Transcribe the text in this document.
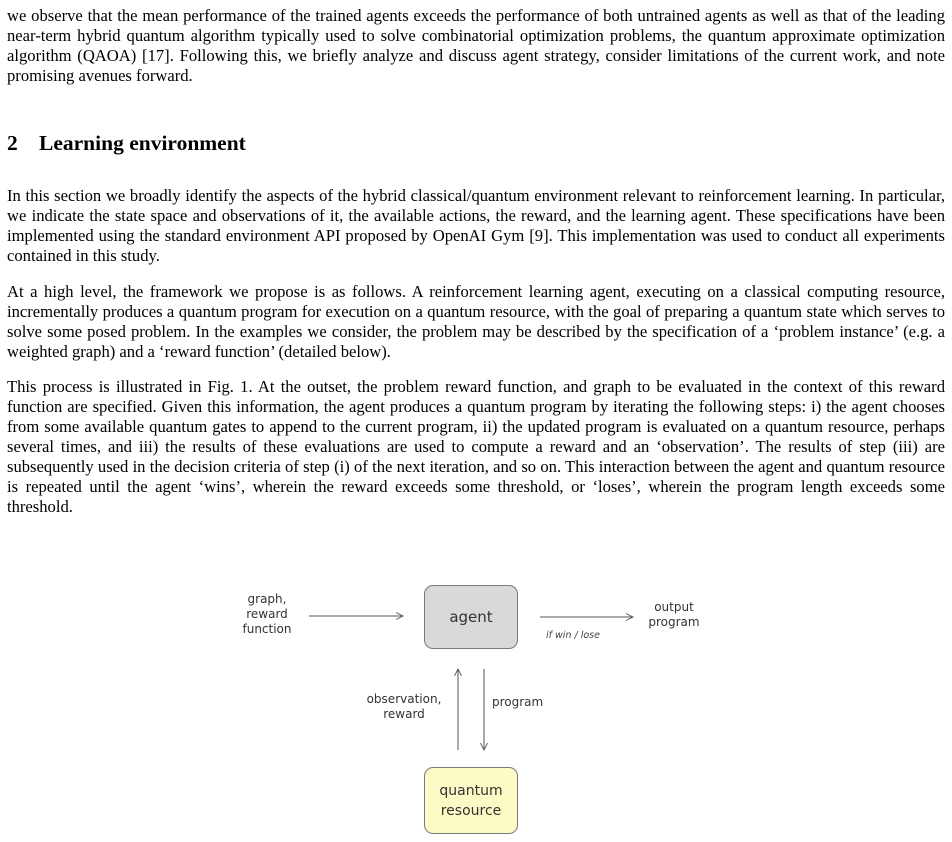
we observe that the mean performance of the trained agents exceeds the performance of both untrained agents as well as that of the leading near-term hybrid quantum algorithm typically used to solve combinatorial optimization problems, the quantum approximate optimization algorithm (QAOA) [17]. Following this, we briefly analyze and discuss agent strategy, consider limitations of the current work, and note promising avenues forward.

2 Learning environment

In this section we broadly identify the aspects of the hybrid classical/quantum environment relevant to reinforcement learning. In particular, we indicate the state space and observations of it, the available actions, the reward, and the learning agent. These specifications have been implemented using the standard environment API proposed by OpenAI Gym [9]. This implementation was used to conduct all experiments contained in this study.

At a high level, the framework we propose is as follows. A reinforcement learning agent, executing on a classical computing resource, incrementally produces a quantum program for execution on a quantum resource, with the goal of preparing a quantum state which serves to solve some posed problem. In the examples we consider, the problem may be described by the specification of a ‘problem instance’ (e.g. a weighted graph) and a ‘reward function’ (detailed below).

This process is illustrated in Fig. 1. At the outset, the problem reward function, and graph to be evaluated in the context of this reward function are specified. Given this information, the agent produces a quantum program by iterating the following steps: i) the agent chooses from some available quantum gates to append to the current program, ii) the updated program is evaluated on a quantum resource, perhaps several times, and iii) the results of these evaluations are used to compute a reward and an ‘observation’. The results of step (iii) are subsequently used in the decision criteria of step (i) of the next iteration, and so on. This interaction between the agent and quantum resource is repeated until the agent ‘wins’, wherein the reward exceeds some threshold, or ‘loses’, wherein the program length exceeds some threshold.

graph,
reward
function
agent
if win / lose
output
program
observation,
reward
program
quantum
resource
